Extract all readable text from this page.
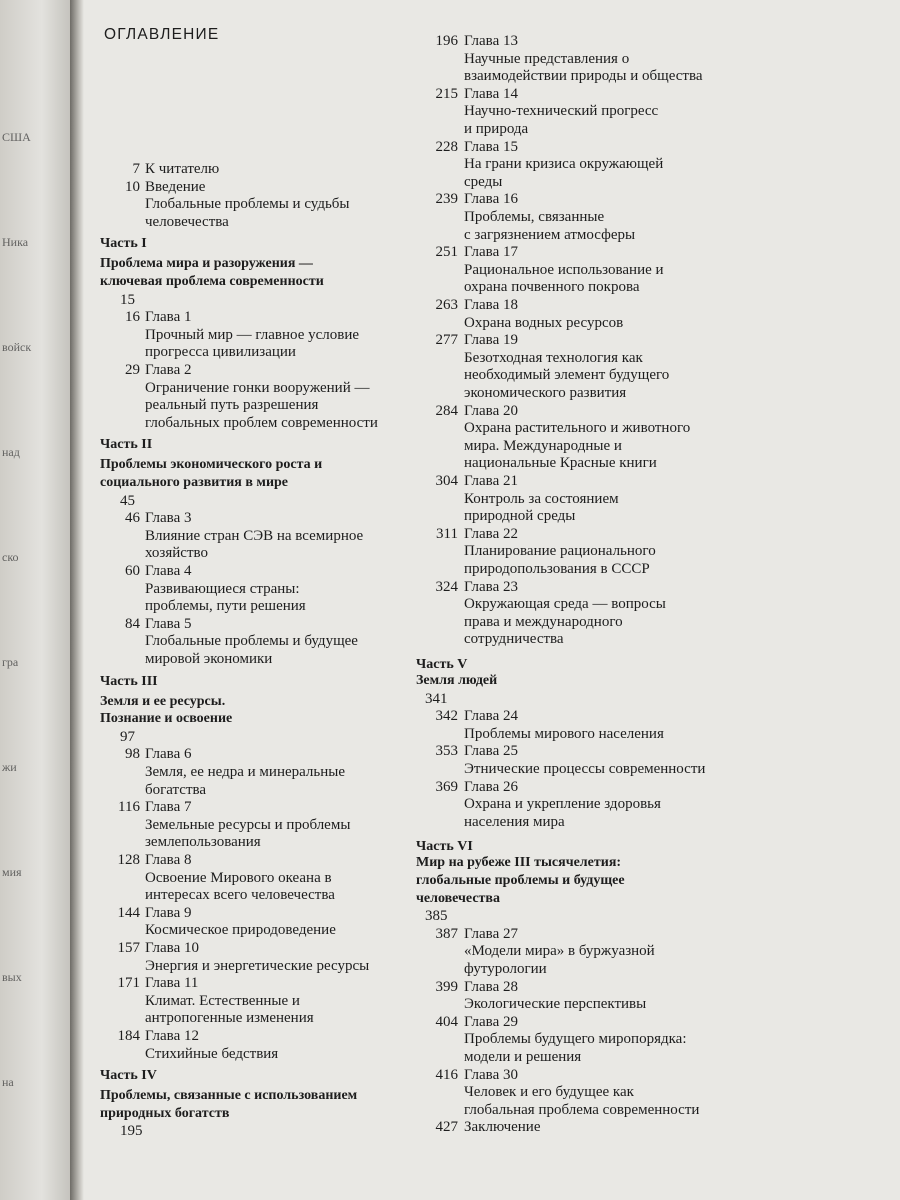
США
Ника
войск
над
ско
гра
жи
мия
вых
на
ОГЛАВЛЕНИЕ
7 К читателю
10 Введение
Глобальные проблемы и судьбы
человечества
Часть I
Проблема мира и разоружения —
ключевая проблема современности
15
16 Глава 1
Прочный мир — главное условие
прогресса цивилизации
29 Глава 2
Ограничение гонки вооружений —
реальный путь разрешения
глобальных проблем современности
Часть II
Проблемы экономического роста и
социального развития в мире
45
46 Глава 3
Влияние стран СЭВ на всемирное
хозяйство
60 Глава 4
Развивающиеся страны:
проблемы, пути решения
84 Глава 5
Глобальные проблемы и будущее
мировой экономики
Часть III
Земля и ее ресурсы.
Познание и освоение
97
98 Глава 6
Земля, ее недра и минеральные
богатства
116 Глава 7
Земельные ресурсы и проблемы
землепользования
128 Глава 8
Освоение Мирового океана в
интересах всего человечества
144 Глава 9
Космическое природоведение
157 Глава 10
Энергия и энергетические ресурсы
171 Глава 11
Климат. Естественные и
антропогенные изменения
184 Глава 12
Стихийные бедствия
Часть IV
Проблемы, связанные с использованием
природных богатств
195
196 Глава 13
Научные представления о
взаимодействии природы и общества
215 Глава 14
Научно-технический прогресс
и природа
228 Глава 15
На грани кризиса окружающей
среды
239 Глава 16
Проблемы, связанные
с загрязнением атмосферы
251 Глава 17
Рациональное использование и
охрана почвенного покрова
263 Глава 18
Охрана водных ресурсов
277 Глава 19
Безотходная технология как
необходимый элемент будущего
экономического развития
284 Глава 20
Охрана растительного и животного
мира. Международные и
национальные Красные книги
304 Глава 21
Контроль за состоянием
природной среды
311 Глава 22
Планирование рационального
природопользования в СССР
324 Глава 23
Окружающая среда — вопросы
права и международного
сотрудничества
Часть V
Земля людей
341
342 Глава 24
Проблемы мирового населения
353 Глава 25
Этнические процессы современности
369 Глава 26
Охрана и укрепление здоровья
населения мира
Часть VI
Мир на рубеже III тысячелетия:
глобальные проблемы и будущее
человечества
385
387 Глава 27
«Модели мира» в буржуазной
футурологии
399 Глава 28
Экологические перспективы
404 Глава 29
Проблемы будущего миропорядка:
модели и решения
416 Глава 30
Человек и его будущее как
глобальная проблема современности
427 Заключение
